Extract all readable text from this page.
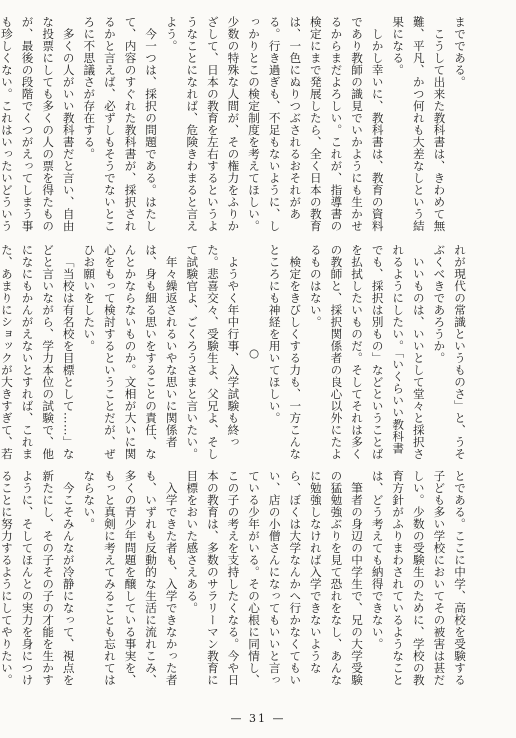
までである。

こうして出来た教科書は、きわめて無難、平凡、かつ何れも大差なしという結果になる。

しかし幸いに、教科書は、教育の資料であり教師の識見でいかようにも生かせるからまだよろしい。これが、指導書の検定にまで発展したら、全く日本の教育は、一色にぬりつぶされるおそれがある。行き過ぎも、不足もないように、しっかりとこの検定制度を考えてほしい。少数の特殊な人間が、その権力をふりかざして、日本の教育を左右するというようなことになれば、危険きわまると言えよう。

今一つは、採択の問題である。はたして、内容のすぐれた教科書が、採択されるかと言えば、必ずしもそうでないところに不思議さが存在する。

多くの人がいい教科書だと言い、自由な投票にしても多くの人の票を得たものが、最後の段階でくつがえってしまう事も珍しくない。これはいったいどういう

れが現代の常識というものさ」と、うそぶくべきであろうか。

いいものは、いいとして堂々と採択されるようにしたい。「いくらいい教科書でも、採択は別もの」などということばを払拭したいものだ。そしてそれは多くの教師と、採択関係者の良心以外にたよるものはない。

検定をきびしくする力も、一方こんなところにも神経を用いてほしい。

○

ようやく年中行事、入学試験も終った。悲喜交々、受験生よ、父兄よ、そして試験官よ、ごくろうさまと言いたい。

年々繰返されるいやな思いに関係者は、身も細る思いをすることの責任、なんとかならないものか。文相が大いに関心をもって検討するということだが、ぜひお願いをしたい。

「当校は有名校を目標として……」などと言いながら、学力本位の試験で、他になにもかんがえないとすれば、これまた、あまりにショックが大きすぎて、若

とである。ここに中学、高校を受験する子ども多い学校においてその被害は甚だしい。少数の受験生のために、学校の教育方針がふりまわされているようなことは、どう考えても納得できない。

筆者の身辺の中学生で、兄の大学受験の猛勉強ぶりを見て恐れをなし、あんなに勉強しなければ入学できないようなら、ぼくは大学なんかへ行かなくてもいい、店の小僧さんになってもいいと言っている少年がいる。その心根に同情し、この子の考えを支持したくなる。今や日本の教育は、多数のサラリーマン教育に目標をおいた感さえある。

入学できた者も、入学できなかった者も、いずれも反動的な生活に流れこみ、多くの青少年問題を醸している事実を、もっと真剣に考えてみることも忘れてはならない。

今こそみんなが冷静になって、視点を新たにし、その子その子の才能を生かすように、そしてほんとの実力を身につけることに努力するようにしてやりたい。

— 31 —
